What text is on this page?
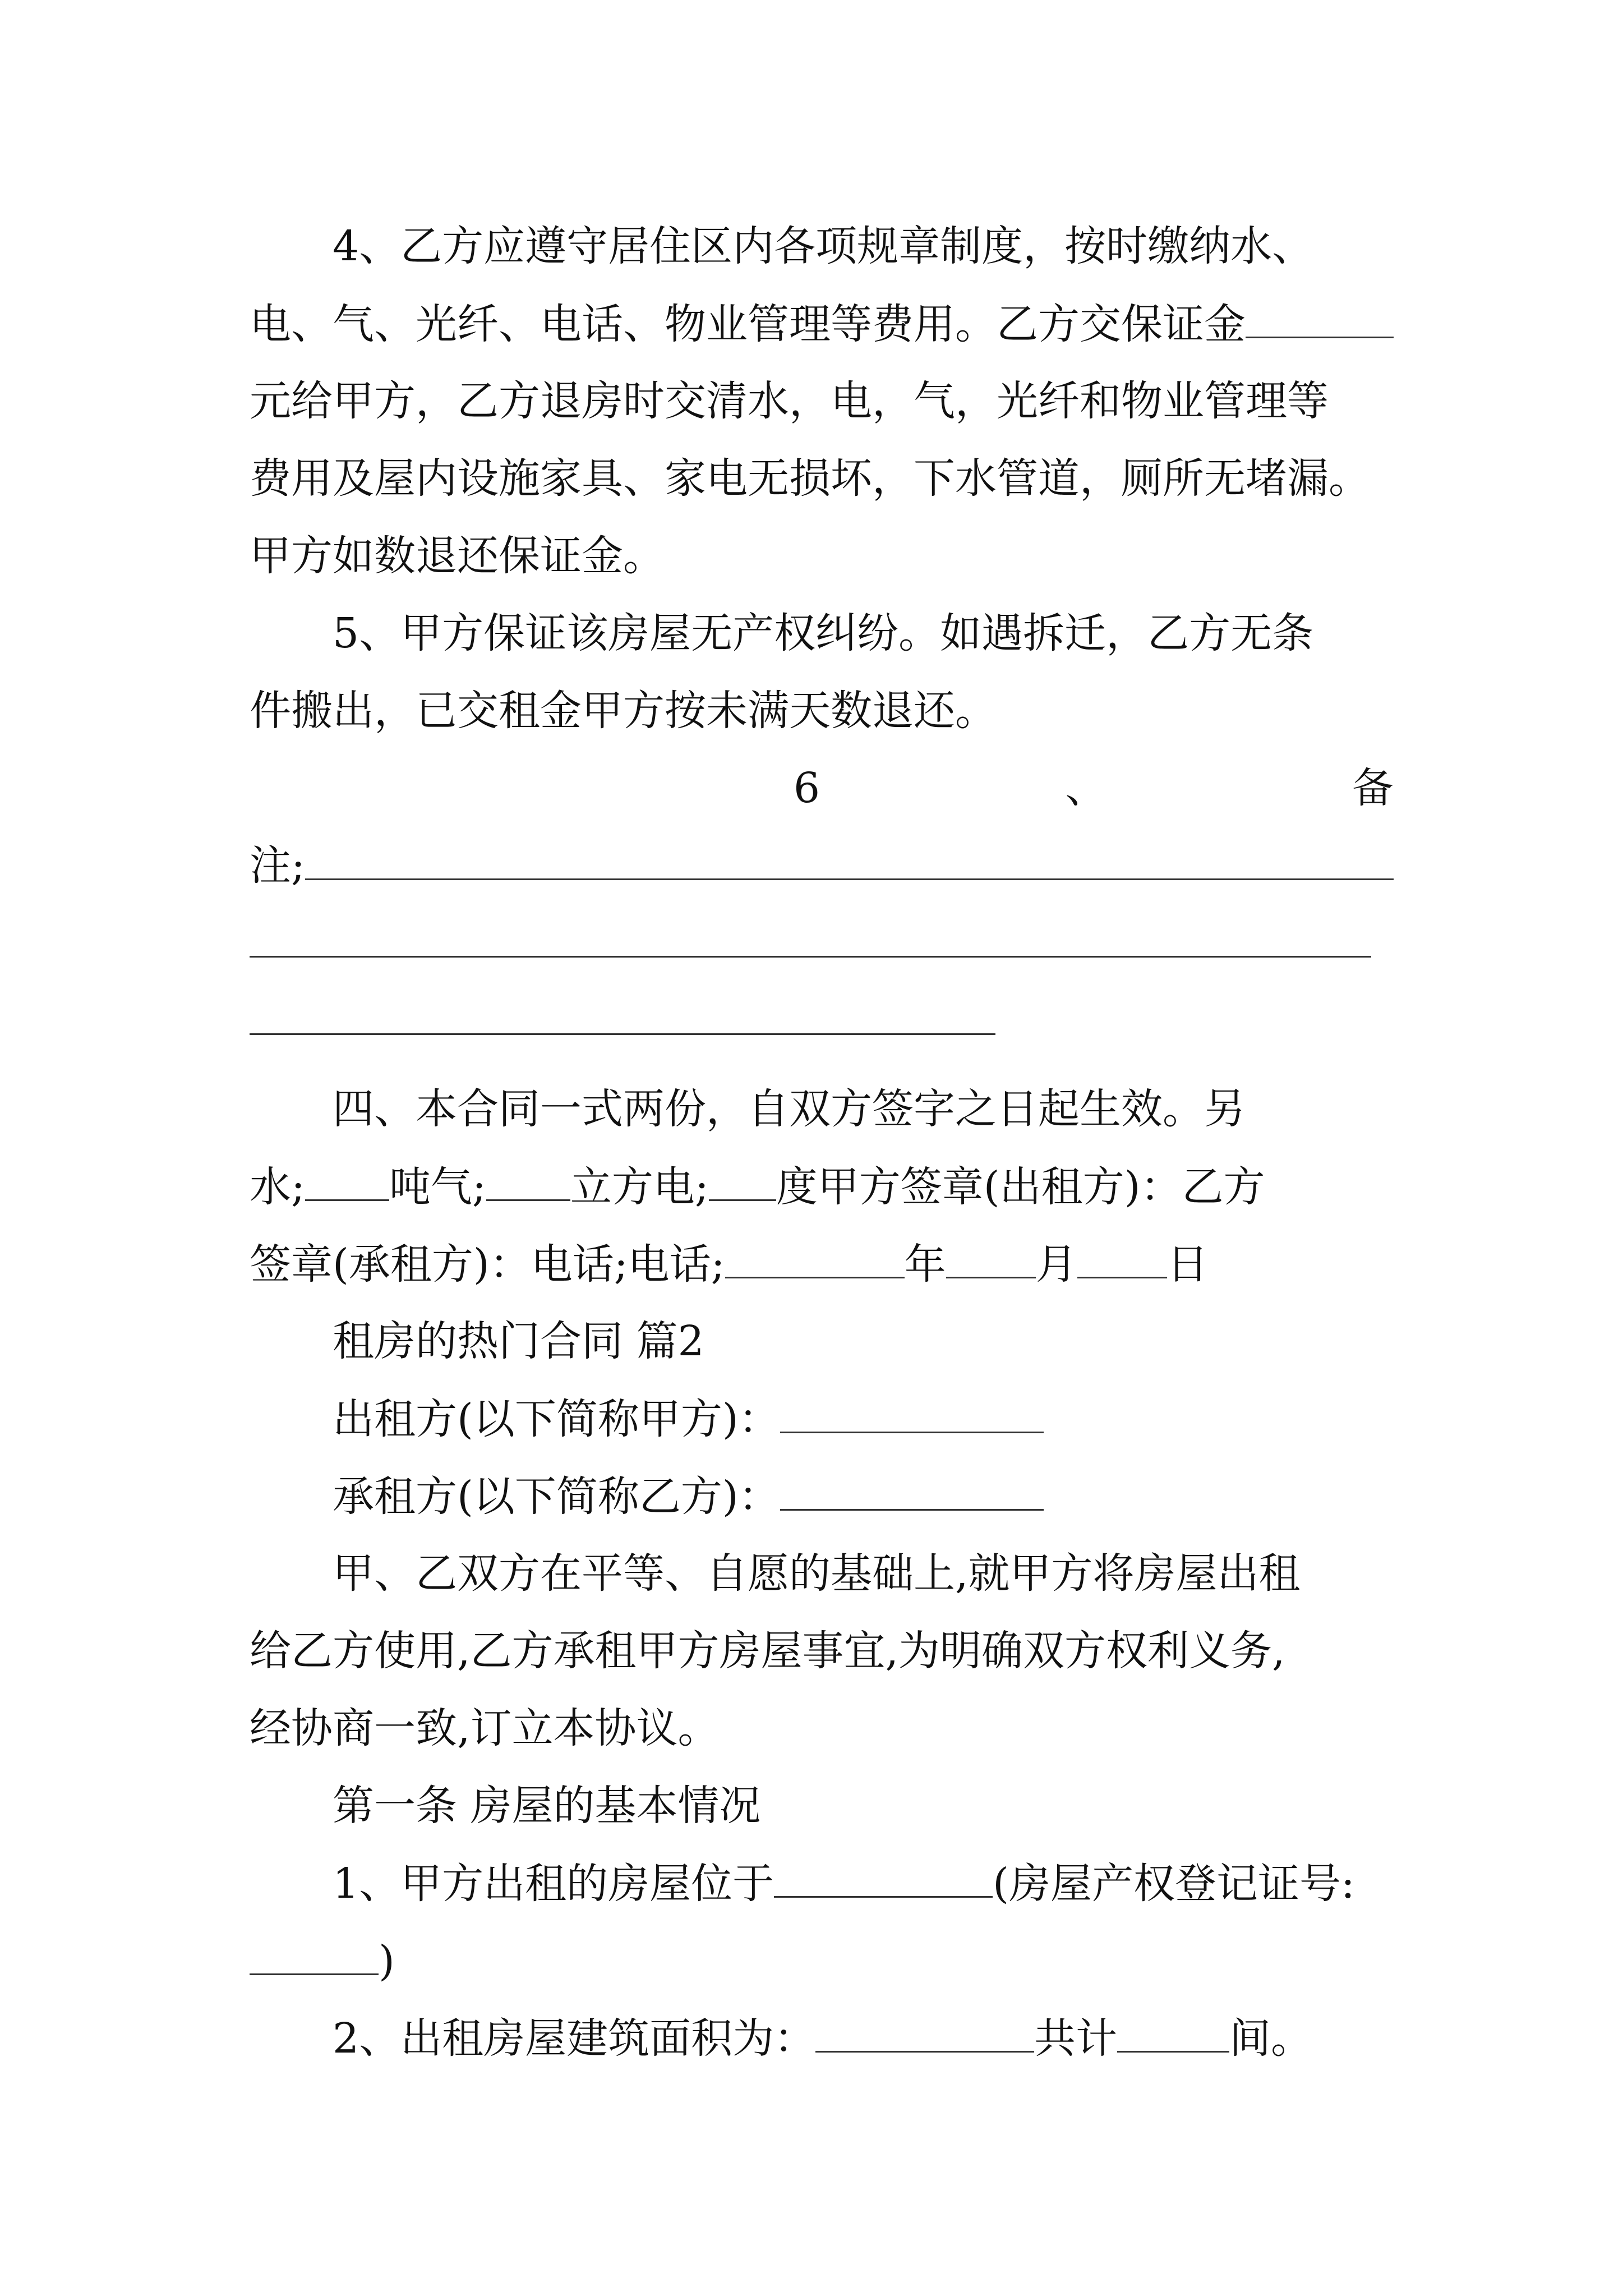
4、乙方应遵守居住区内各项规章制度，按时缴纳水、
电、气、光纤、电话、物业管理等费用。乙方交保证金
元给甲方，乙方退房时交清水，电，气，光纤和物业管理等
费用及屋内设施家具、家电无损坏，下水管道，厕所无堵漏。
甲方如数退还保证金。
5、甲方保证该房屋无产权纠纷。如遇拆迁，乙方无条
件搬出，已交租金甲方按未满天数退还。
6	、	备
注;
四、本合同一式两份，自双方签字之日起生效。另
水; 吨气; 立方电; 度甲方签章(出租方)：乙方
签章(承租方)：电话;电话;	年 月 日
租房的热门合同 篇2
出租方(以下简称甲方)：
承租方(以下简称乙方)：
甲、乙双方在平等、自愿的基础上,就甲方将房屋出租
给乙方使用,乙方承租甲方房屋事宜,为明确双方权利义务,
经协商一致,订立本协议。
第一条 房屋的基本情况
1、甲方出租的房屋位于	(房屋产权登记证号:
)
2、出租房屋建筑面积为：	共计	间。
